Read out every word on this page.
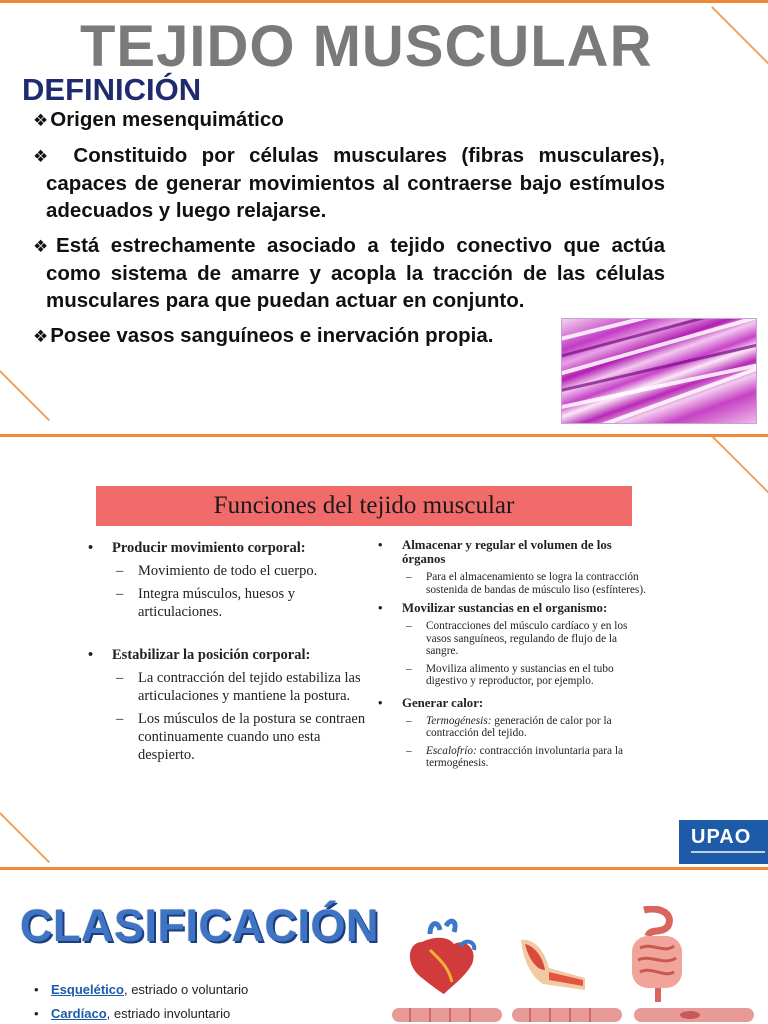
TEJIDO MUSCULAR
DEFINICIÓN

❖Origen mesenquimático

❖ Constituido por células musculares (fibras musculares), capaces de generar movimientos al contraerse bajo estímulos adecuados y luego relajarse.

❖Está estrechamente asociado a tejido conectivo que actúa como sistema de amarre y acopla la tracción de las células musculares para que puedan actuar en conjunto.

❖Posee vasos sanguíneos e inervación propia.

Funciones del tejido muscular
• Producir movimiento corporal:
– Movimiento de todo el cuerpo.
– Integra músculos, huesos y articulaciones.
• Estabilizar la posición corporal:
– La contracción del tejido estabiliza las articulaciones y mantiene la postura.
– Los músculos de la postura se contraen continuamente cuando uno esta despierto.
• Almacenar y regular el volumen de los órganos
– Para el almacenamiento se logra la contracción sostenida de bandas de músculo liso (esfínteres).
• Movilizar sustancias en el organismo:
– Contracciones del músculo cardíaco y en los vasos sanguíneos, regulando de flujo de la sangre.
– Moviliza alimento y sustancias en el tubo digestivo y reproductor, por ejemplo.
• Generar calor:
– Termogénesis: generación de calor por la contracción del tejido.
– Escalofrío: contracción involuntaria para la termogénesis.
UPAO
CLASIFICACIÓN
• Esquelético, estriado o voluntario
• Cardíaco, estriado involuntario
